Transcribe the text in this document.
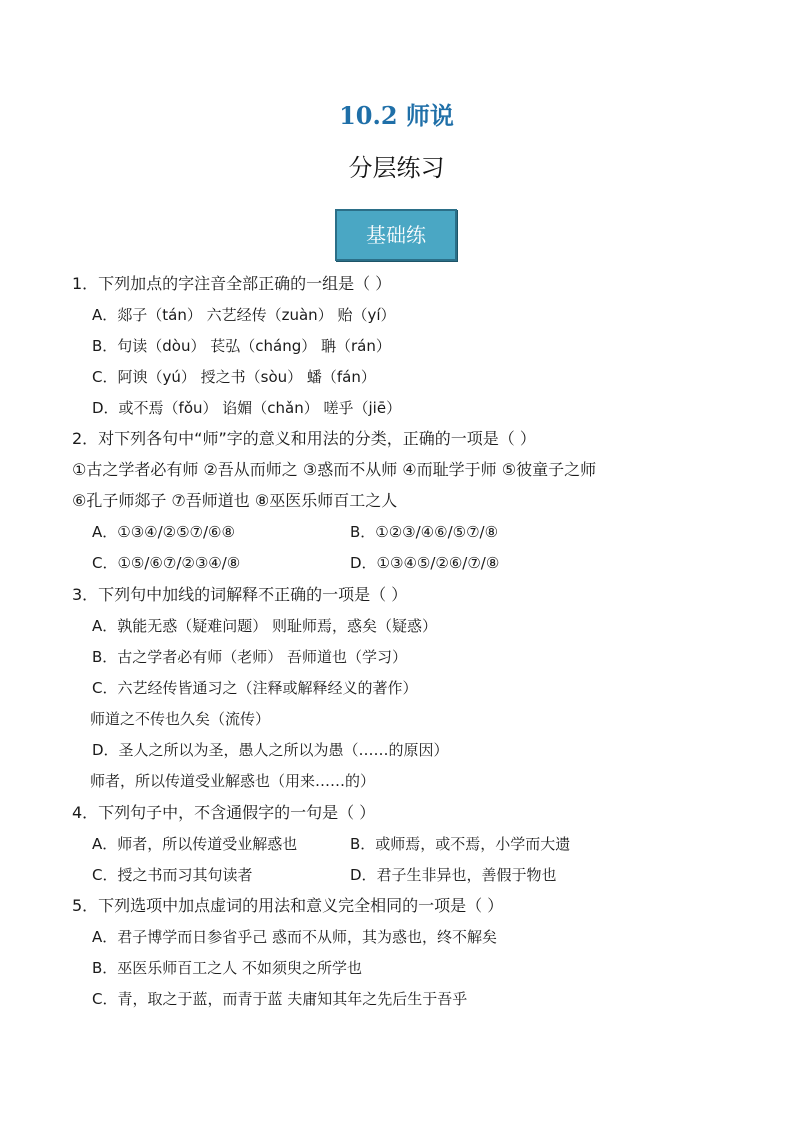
10.2 师说
分层练习
基础练
1．下列加点的字注音全部正确的一组是（ ）
A．郯子（tán） 六艺经传（zuàn） 贻（yí）
B．句读（dòu） 苌弘（cháng） 聃（rán）
C．阿谀（yú） 授之书（sòu） 蟠（fán）
D．或不焉（fǒu） 谄媚（chǎn） 嗟乎（jiē）
2．对下列各句中“师”字的意义和用法的分类，正确的一项是（ ）
①古之学者必有师 ②吾从而师之 ③惑而不从师 ④而耻学于师 ⑤彼童子之师
⑥孔子师郯子 ⑦吾师道也 ⑧巫医乐师百工之人
A．①③④/②⑤⑦/⑥⑧	B．①②③/④⑥/⑤⑦/⑧
C．①⑤/⑥⑦/②③④/⑧	D．①③④⑤/②⑥/⑦/⑧
3．下列句中加线的词解释不正确的一项是（ ）
A．孰能无惑（疑难问题） 则耻师焉，惑矣（疑惑）
B．古之学者必有师（老师） 吾师道也（学习）
C．六艺经传皆通习之（注释或解释经义的著作）
师道之不传也久矣（流传）
D．圣人之所以为圣，愚人之所以为愚（……的原因）
师者，所以传道受业解惑也（用来……的）
4．下列句子中，不含通假字的一句是（ ）
A．师者，所以传道受业解惑也	B．或师焉，或不焉，小学而大遗
C．授之书而习其句读者	D．君子生非异也，善假于物也
5．下列选项中加点虚词的用法和意义完全相同的一项是（ ）
A．君子博学而日参省乎己 惑而不从师，其为惑也，终不解矣
B．巫医乐师百工之人 不如须臾之所学也
C．青，取之于蓝，而青于蓝 夫庸知其年之先后生于吾乎
